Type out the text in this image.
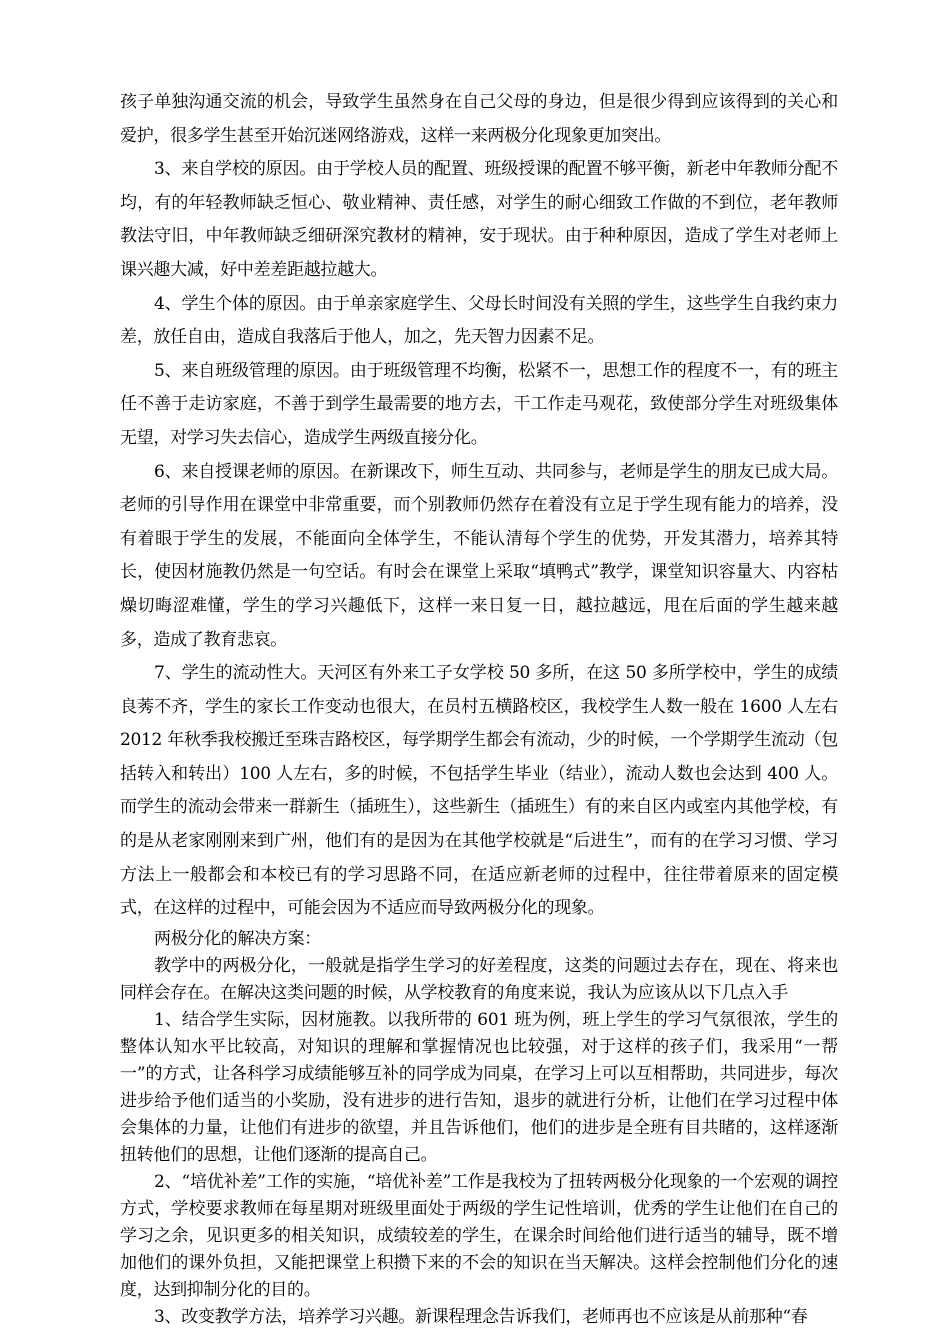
孩子单独沟通交流的机会，导致学生虽然身在自己父母的身边，但是很少得到应该得到的关心和爱护，很多学生甚至开始沉迷网络游戏，这样一来两极分化现象更加突出。

3、来自学校的原因。由于学校人员的配置、班级授课的配置不够平衡，新老中年教师分配不均，有的年轻教师缺乏恒心、敬业精神、责任感，对学生的耐心细致工作做的不到位，老年教师教法守旧，中年教师缺乏细研深究教材的精神，安于现状。由于种种原因，造成了学生对老师上课兴趣大减，好中差差距越拉越大。

4、学生个体的原因。由于单亲家庭学生、父母长时间没有关照的学生，这些学生自我约束力差，放任自由，造成自我落后于他人，加之，先天智力因素不足。

5、来自班级管理的原因。由于班级管理不均衡，松紧不一，思想工作的程度不一，有的班主任不善于走访家庭，不善于到学生最需要的地方去，干工作走马观花，致使部分学生对班级集体无望，对学习失去信心，造成学生两级直接分化。

6、来自授课老师的原因。在新课改下，师生互动、共同参与，老师是学生的朋友已成大局。老师的引导作用在课堂中非常重要，而个别教师仍然存在着没有立足于学生现有能力的培养，没有着眼于学生的发展，不能面向全体学生，不能认清每个学生的优势，开发其潜力，培养其特长，使因材施教仍然是一句空话。有时会在课堂上采取“填鸭式”教学，课堂知识容量大、内容枯燥切晦涩难懂，学生的学习兴趣低下，这样一来日复一日，越拉越远，甩在后面的学生越来越多，造成了教育悲哀。

7、学生的流动性大。天河区有外来工子女学校 50 多所，在这 50 多所学校中，学生的成绩良莠不齐，学生的家长工作变动也很大，在员村五横路校区，我校学生人数一般在 1600 人左右 2012 年秋季我校搬迁至珠吉路校区，每学期学生都会有流动，少的时候，一个学期学生流动（包括转入和转出）100 人左右，多的时候，不包括学生毕业（结业），流动人数也会达到 400 人。而学生的流动会带来一群新生（插班生），这些新生（插班生）有的来自区内或室内其他学校，有的是从老家刚刚来到广州，他们有的是因为在其他学校就是“后进生”，而有的在学习习惯、学习方法上一般都会和本校已有的学习思路不同，在适应新老师的过程中，往往带着原来的固定模式，在这样的过程中，可能会因为不适应而导致两极分化的现象。

两极分化的解决方案：

教学中的两极分化，一般就是指学生学习的好差程度，这类的问题过去存在，现在、将来也同样会存在。在解决这类问题的时候，从学校教育的角度来说，我认为应该从以下几点入手

1、结合学生实际，因材施教。以我所带的 601 班为例，班上学生的学习气氛很浓，学生的整体认知水平比较高，对知识的理解和掌握情况也比较强，对于这样的孩子们，我采用“一帮一”的方式，让各科学习成绩能够互补的同学成为同桌，在学习上可以互相帮助，共同进步，每次进步给予他们适当的小奖励，没有进步的进行告知，退步的就进行分析，让他们在学习过程中体会集体的力量，让他们有进步的欲望，并且告诉他们，他们的进步是全班有目共睹的，这样逐渐扭转他们的思想，让他们逐渐的提高自己。

2、“培优补差”工作的实施，“培优补差”工作是我校为了扭转两极分化现象的一个宏观的调控方式，学校要求教师在每星期对班级里面处于两级的学生记性培训，优秀的学生让他们在自己的学习之余，见识更多的相关知识，成绩较差的学生，在课余时间给他们进行适当的辅导，既不增加他们的课外负担，又能把课堂上积攒下来的不会的知识在当天解决。这样会控制他们分化的速度，达到抑制分化的目的。

3、改变教学方法，培养学习兴趣。新课程理念告诉我们，老师再也不应该是从前那种“春
